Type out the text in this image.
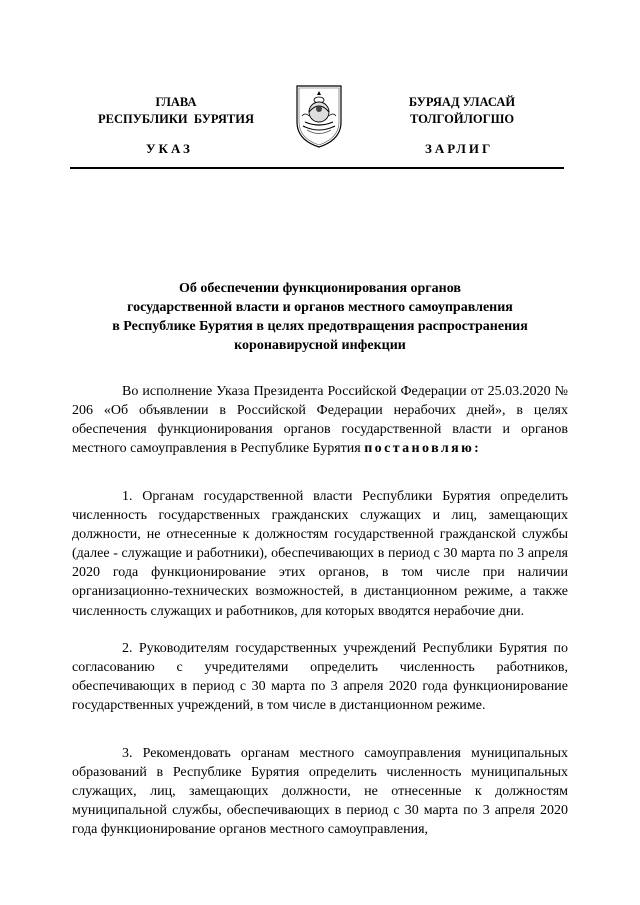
ГЛАВА
РЕСПУБЛИКИ  БУРЯТИЯ
БУРЯАД УЛАСАЙ
ТОЛГОЙЛОГШО
УКАЗ	ЗАРЛИГ
Об обеспечении функционирования органов
государственной власти и органов местного самоуправления
в Республике Бурятия в целях предотвращения распространения
коронавирусной инфекции
Во исполнение Указа Президента Российской Федерации от 25.03.2020 № 206 «Об объявлении в Российской Федерации нерабочих дней», в целях обеспечения функционирования органов государственной власти и органов местного самоуправления в Республике Бурятия постановляю:
1. Органам государственной власти Республики Бурятия определить численность государственных гражданских служащих и лиц, замещающих должности, не отнесенные к должностям государственной гражданской службы (далее - служащие и работники), обеспечивающих в период с 30 марта по 3 апреля 2020 года функционирование этих органов, в том числе при наличии организационно-технических возможностей, в дистанционном режиме, а также численность служащих и работников, для которых вводятся нерабочие дни.
2. Руководителям государственных учреждений Республики Бурятия по согласованию с учредителями определить численность работников, обеспечивающих в период с 30 марта по 3 апреля 2020 года функционирование государственных учреждений, в том числе в дистанционном режиме.
3. Рекомендовать органам местного самоуправления муниципальных образований в Республике Бурятия определить численность муниципальных служащих, лиц, замещающих должности, не отнесенные к должностям муниципальной службы, обеспечивающих в период с 30 марта по 3 апреля 2020 года функционирование органов местного самоуправления,
